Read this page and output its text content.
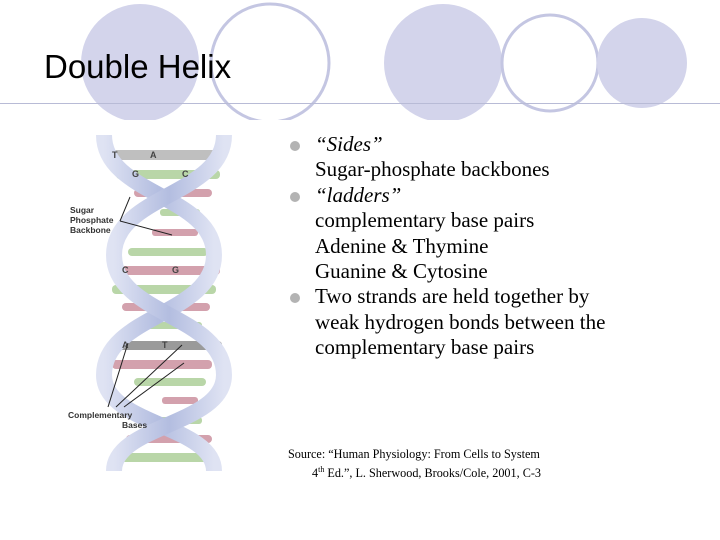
Double Helix
T	A
G	C
C	G
A	T
Sugar
Phosphate
Backbone
Complementary
Bases
“Sides”
Sugar-phosphate backbones
“ladders”
complementary base pairs
Adenine & Thymine
Guanine & Cytosine
Two strands are held together by
weak hydrogen bonds between the
complementary base pairs
Source: “Human Physiology: From Cells to System
4th Ed.”, L. Sherwood, Brooks/Cole, 2001, C-3
